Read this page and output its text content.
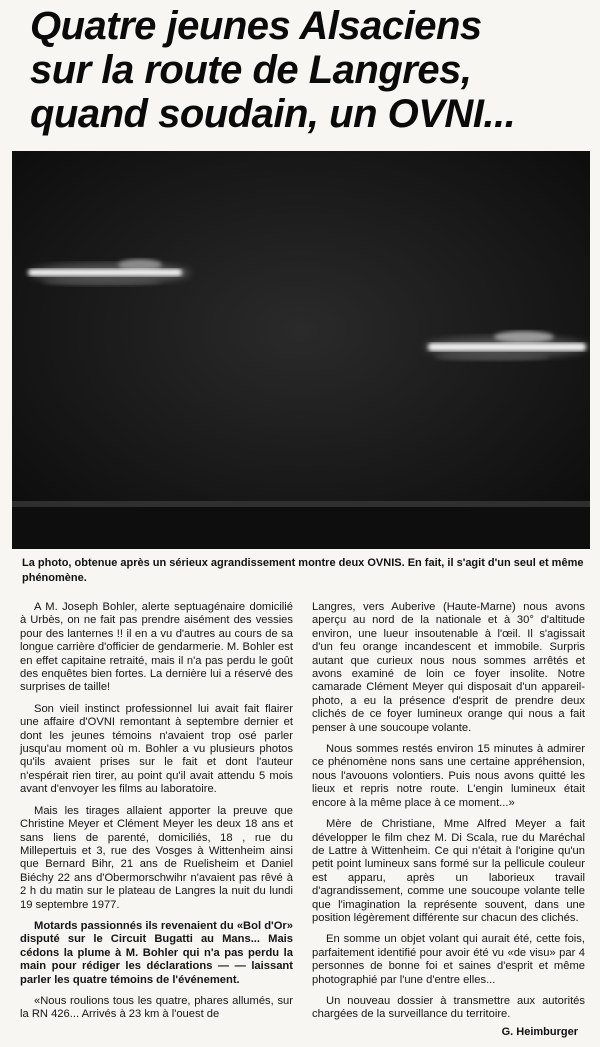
Quatre jeunes Alsaciens
sur la route de Langres,
quand soudain, un OVNI...
La photo, obtenue après un sérieux agrandissement montre deux OVNIS. En fait, il s'agit d'un seul et même phénomène.

A M. Joseph Bohler, alerte septuagénaire domicilié à Urbès, on ne fait pas prendre aisément des vessies pour des lanternes !! il en a vu d'autres au cours de sa longue carrière d'officier de gendarmerie. M. Bohler est en effet capitaine retraité, mais il n'a pas perdu le goût des enquêtes bien fortes. La dernière lui a réservé des surprises de taille!

Son vieil instinct professionnel lui avait fait flairer une affaire d'OVNI remontant à septembre dernier et dont les jeunes témoins n'avaient trop osé parler jusqu'au moment où m. Bohler a vu plusieurs photos qu'ils avaient prises sur le fait et dont l'auteur n'espérait rien tirer, au point qu'il avait attendu 5 mois avant d'envoyer les films au laboratoire.

Mais les tirages allaient apporter la preuve que Christine Meyer et Clément Meyer les deux 18 ans et sans liens de parenté, domiciliés, 18 , rue du Millepertuis et 3, rue des Vosges à Wittenheim ainsi que Bernard Bihr, 21 ans de Ruelisheim et Daniel Biéchy 22 ans d'Obermorschwihr n'avaient pas rêvé à 2 h du matin sur le plateau de Langres la nuit du lundi 19 septembre 1977.

Motards passionnés ils revenaient du «Bol d'Or» disputé sur le Circuit Bugatti au Mans... Mais cédons la plume à M. Bohler qui n'a pas perdu la main pour rédiger les déclarations — — laissant parler les quatre témoins de l'événement.

«Nous roulions tous les quatre, phares allumés, sur la RN 426... Arrivés à 23 km à l'ouest de

Langres, vers Auberive (Haute-Marne) nous avons aperçu au nord de la nationale et à 30° d'altitude environ, une lueur insoutenable à l'œil. Il s'agissait d'un feu orange incandescent et immobile. Surpris autant que curieux nous nous sommes arrêtés et avons examiné de loin ce foyer insolite. Notre camarade Clément Meyer qui disposait d'un appareil-photo, a eu la présence d'esprit de prendre deux clichés de ce foyer lumineux orange qui nous a fait penser à une soucoupe volante.

Nous sommes restés environ 15 minutes à admirer ce phénomène nons sans une certaine appréhension, nous l'avouons volontiers. Puis nous avons quitté les lieux et repris notre route. L'engin lumineux était encore à la même place à ce moment...»

Mère de Christiane, Mme Alfred Meyer a fait développer le film chez M. Di Scala, rue du Maréchal de Lattre à Wittenheim. Ce qui n'était à l'origine qu'un petit point lumineux sans formé sur la pellicule couleur est apparu, après un laborieux travail d'agrandissement, comme une soucoupe volante telle que l'imagination la représente souvent, dans une position légèrement différente sur chacun des clichés.

En somme un objet volant qui aurait été, cette fois, parfaitement identifié pour avoir été vu «de visu» par 4 personnes de bonne foi et saines d'esprit et même photographié par l'une d'entre elles...

Un nouveau dossier à transmettre aux autorités chargées de la surveillance du territoire.

G. Heimburger
